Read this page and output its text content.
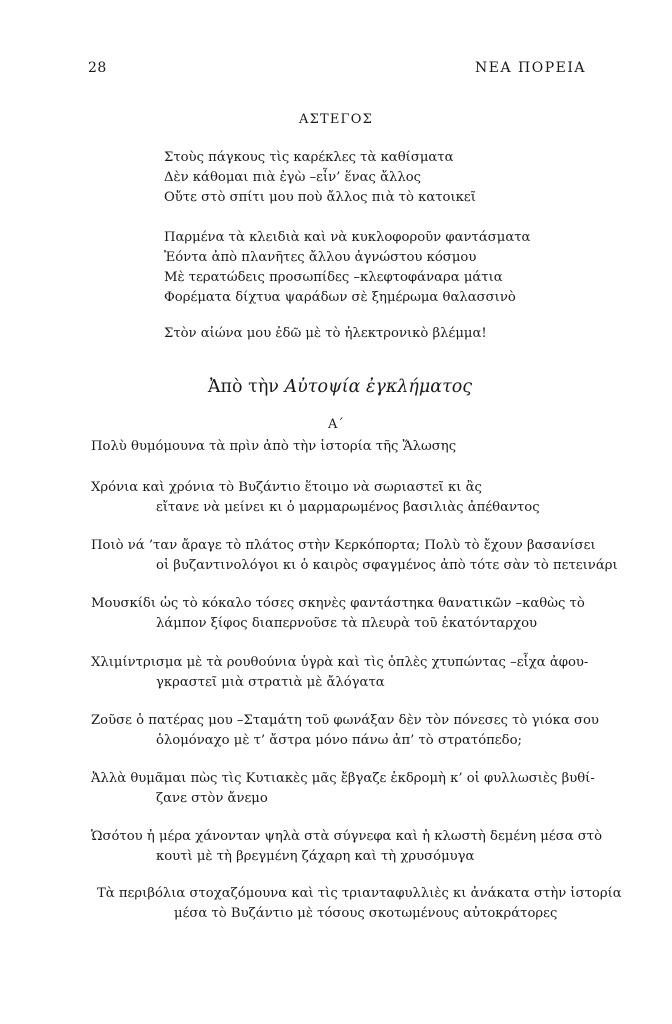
28	ΝΕΑ ΠΟΡΕΙΑ
ΑΣΤΕΓΟΣ
Στοὺς πάγκους τὶς καρέκλες τὰ καθίσματα
Δὲν κάθομαι πιὰ ἐγὼ –εἶν’ ἕνας ἄλλος
Οὔτε στὸ σπίτι μου ποὺ ἄλλος πιὰ τὸ κατοικεῖ
Παρμένα τὰ κλειδιὰ καὶ νὰ κυκλοφοροῦν φαντάσματα
Ἐόντα ἀπὸ πλανῆτες ἄλλου ἀγνώστου κόσμου
Μὲ τερατώδεις προσωπίδες –κλεφτοφάναρα μάτια
Φορέματα δίχτυα ψαράδων σὲ ξημέρωμα θαλασσινὸ
Στὸν αἰώνα μου ἐδῶ μὲ τὸ ἠλεκτρονικὸ βλέμμα!
Ἀπὸ τὴν Αὐτοψία ἐγκλήματος
Α΄
Πολὺ θυμόμουνα τὰ πρὶν ἀπὸ τὴν ἱστορία τῆς Ἅλωσης
Χρόνια καὶ χρόνια τὸ Βυζάντιο ἕτοιμο νὰ σωριαστεῖ κι ἂς
εἴτανε νὰ μείνει κι ὁ μαρμαρωμένος βασιλιὰς ἀπέθαντος
Ποιὸ νά ’ταν ἄραγε τὸ πλάτος στὴν Κερκόπορτα; Πολὺ τὸ ἔχουν βασανίσει
οἱ βυζαντινολόγοι κι ὁ καιρὸς σφαγμένος ἀπὸ τότε σὰν τὸ πετεινάρι
Μουσκίδι ὡς τὸ κόκαλο τόσες σκηνὲς φαντάστηκα θανατικῶν –καθὼς τὸ
λάμπον ξίφος διαπερνοῦσε τὰ πλευρὰ τοῦ ἑκατόνταρχου
Χλιμίντρισμα μὲ τὰ ρουθούνια ὑγρὰ καὶ τὶς ὁπλὲς χτυπώντας –εἶχα ἀφου-
γκραστεῖ μιὰ στρατιὰ μὲ ἄλόγατα
Ζοῦσε ὁ πατέρας μου –Σταμάτη τοῦ φωνάξαν δὲν τὸν πόνεσες τὸ γιόκα σου
ὁλομόναχο μὲ τ’ ἄστρα μόνο πάνω ἀπ’ τὸ στρατόπεδο;
Ἀλλὰ θυμᾶμαι πὼς τὶς Κυτιακὲς μᾶς ἔβγαζε ἐκδρομὴ κ’ οἱ φυλλωσιὲς βυθί-
ζανε στὸν ἄνεμο
Ὡσότου ἡ μέρα χάνονταν ψηλὰ στὰ σύγνεφα καὶ ἡ κλωστὴ δεμένη μέσα στὸ
κουτὶ μὲ τὴ βρεγμένη ζάχαρη καὶ τὴ χρυσόμυγα
Τὰ περιβόλια στοχαζόμουνα καὶ τὶς τριανταφυλλιὲς κι ἀνάκατα στὴν ἱστορία
μέσα τὸ Βυζάντιο μὲ τόσους σκοτωμένους αὐτοκράτορες
